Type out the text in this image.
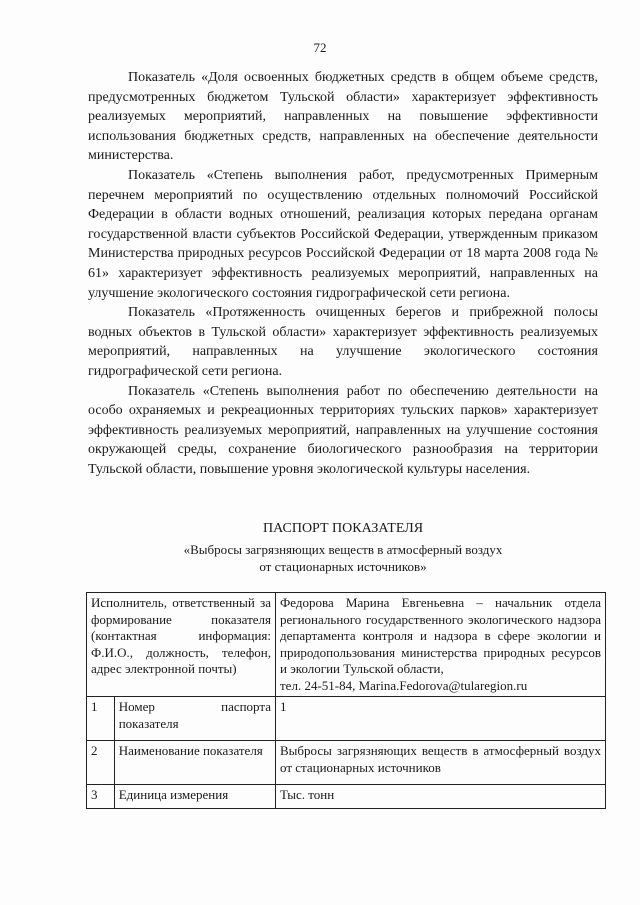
72

Показатель «Доля освоенных бюджетных средств в общем объеме средств, предусмотренных бюджетом Тульской области» характеризует эффективность реализуемых мероприятий, направленных на повышение эффективности использования бюджетных средств, направленных на обеспечение деятельности министерства.

Показатель «Степень выполнения работ, предусмотренных Примерным перечнем мероприятий по осуществлению отдельных полномочий Российской Федерации в области водных отношений, реализация которых передана органам государственной власти субъектов Российской Федерации, утвержденным приказом Министерства природных ресурсов Российской Федерации от 18 марта 2008 года № 61» характеризует эффективность реализуемых мероприятий, направленных на улучшение экологического состояния гидрографической сети региона.

Показатель «Протяженность очищенных берегов и прибрежной полосы водных объектов в Тульской области» характеризует эффективность реализуемых мероприятий, направленных на улучшение экологического состояния гидрографической сети региона.

Показатель «Степень выполнения работ по обеспечению деятельности на особо охраняемых и рекреационных территориях тульских парков» характеризует эффективность реализуемых мероприятий, направленных на улучшение состояния окружающей среды, сохранение биологического разнообразия на территории Тульской области, повышение уровня экологической культуры населения.

ПАСПОРТ ПОКАЗАТЕЛЯ
«Выбросы загрязняющих веществ в атмосферный воздух
от стационарных источников»
Исполнитель, ответственный за формирование показателя (контактная информация: Ф.И.О., должность, телефон, адрес электронной почты)		Федорова Марина Евгеньевна – начальник отдела регионального государственного экологического надзора департамента контроля и надзора в сфере экологии и природопользования министерства природных ресурсов и экологии Тульской области,
тел. 24-51-84, Marina.Fedorova@tularegion.ru
1	Номер паспорта показателя	1
2	Наименование показателя	Выбросы загрязняющих веществ в атмосферный воздух от стационарных источников
3	Единица измерения	Тыс. тонн
